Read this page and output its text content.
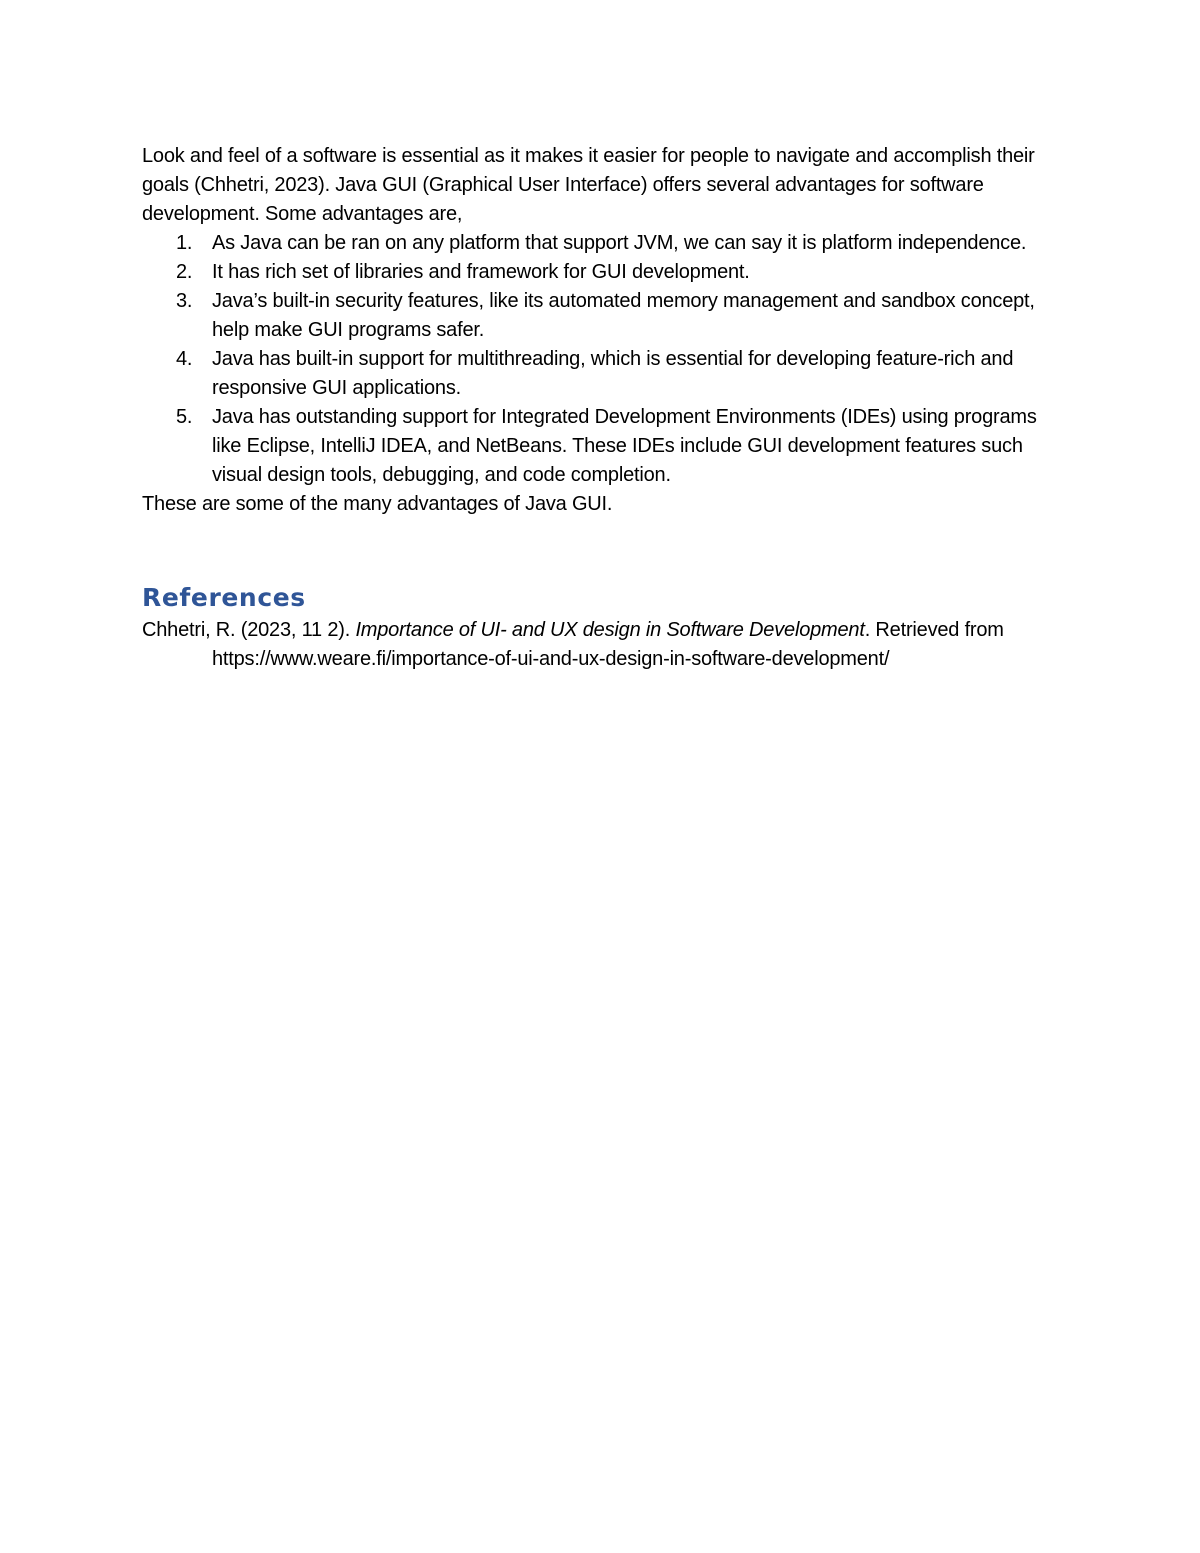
Look and feel of a software is essential as it makes it easier for people to navigate and accomplish their goals (Chhetri, 2023). Java GUI (Graphical User Interface) offers several advantages for software development. Some advantages are,

1. As Java can be ran on any platform that support JVM, we can say it is platform independence.
2. It has rich set of libraries and framework for GUI development.
3. Java’s built-in security features, like its automated memory management and sandbox concept, help make GUI programs safer.
4. Java has built-in support for multithreading, which is essential for developing feature-rich and responsive GUI applications.
5. Java has outstanding support for Integrated Development Environments (IDEs) using programs like Eclipse, IntelliJ IDEA, and NetBeans. These IDEs include GUI development features such visual design tools, debugging, and code completion.

These are some of the many advantages of Java GUI.

References

Chhetri, R. (2023, 11 2). Importance of UI- and UX design in Software Development. Retrieved from https://www.weare.fi/importance-of-ui-and-ux-design-in-software-development/
